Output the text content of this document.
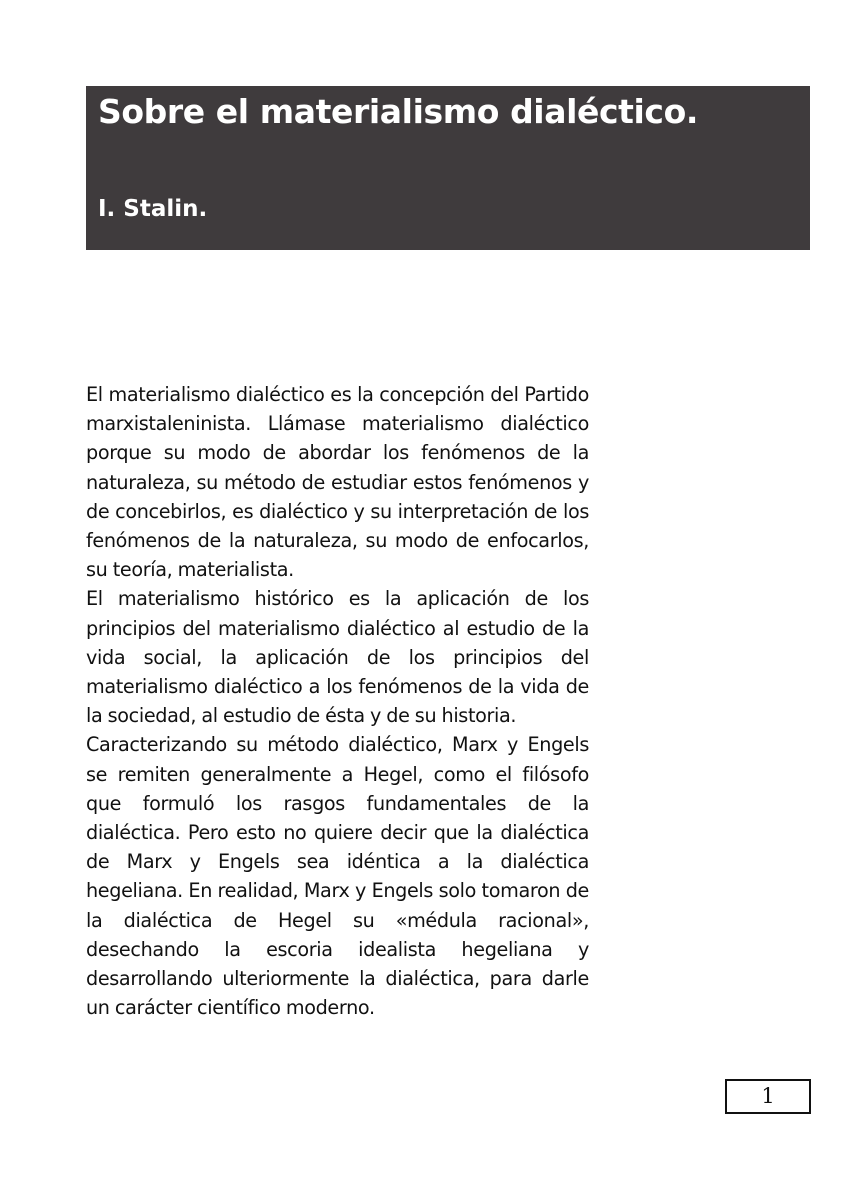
Sobre el materialismo dialéctico.

I. Stalin.

El materialismo dialéctico es la concepción del Partido marxistaleninista. Llámase materialismo dialéctico porque su modo de abordar los fenómenos de la naturaleza, su método de estudiar estos fenómenos y de concebirlos, es dialéctico y su interpretación de los fenómenos de la naturaleza, su modo de enfocarlos, su teoría, materialista.

El materialismo histórico es la aplicación de los principios del materialismo dialéctico al estudio de la vida social, la aplicación de los principios del materialismo dialéctico a los fenómenos de la vida de la sociedad, al estudio de ésta y de su historia.

Caracterizando su método dialéctico, Marx y Engels se remiten generalmente a Hegel, como el filósofo que formuló los rasgos fundamentales de la dialéctica. Pero esto no quiere decir que la dialéctica de Marx y Engels sea idéntica a la dialéctica hegeliana. En realidad, Marx y Engels solo tomaron de la dialéctica de Hegel su «médula racional», desechando la escoria idealista hegeliana y desarrollando ulteriormente la dialéctica, para darle un carácter científico moderno.

1
